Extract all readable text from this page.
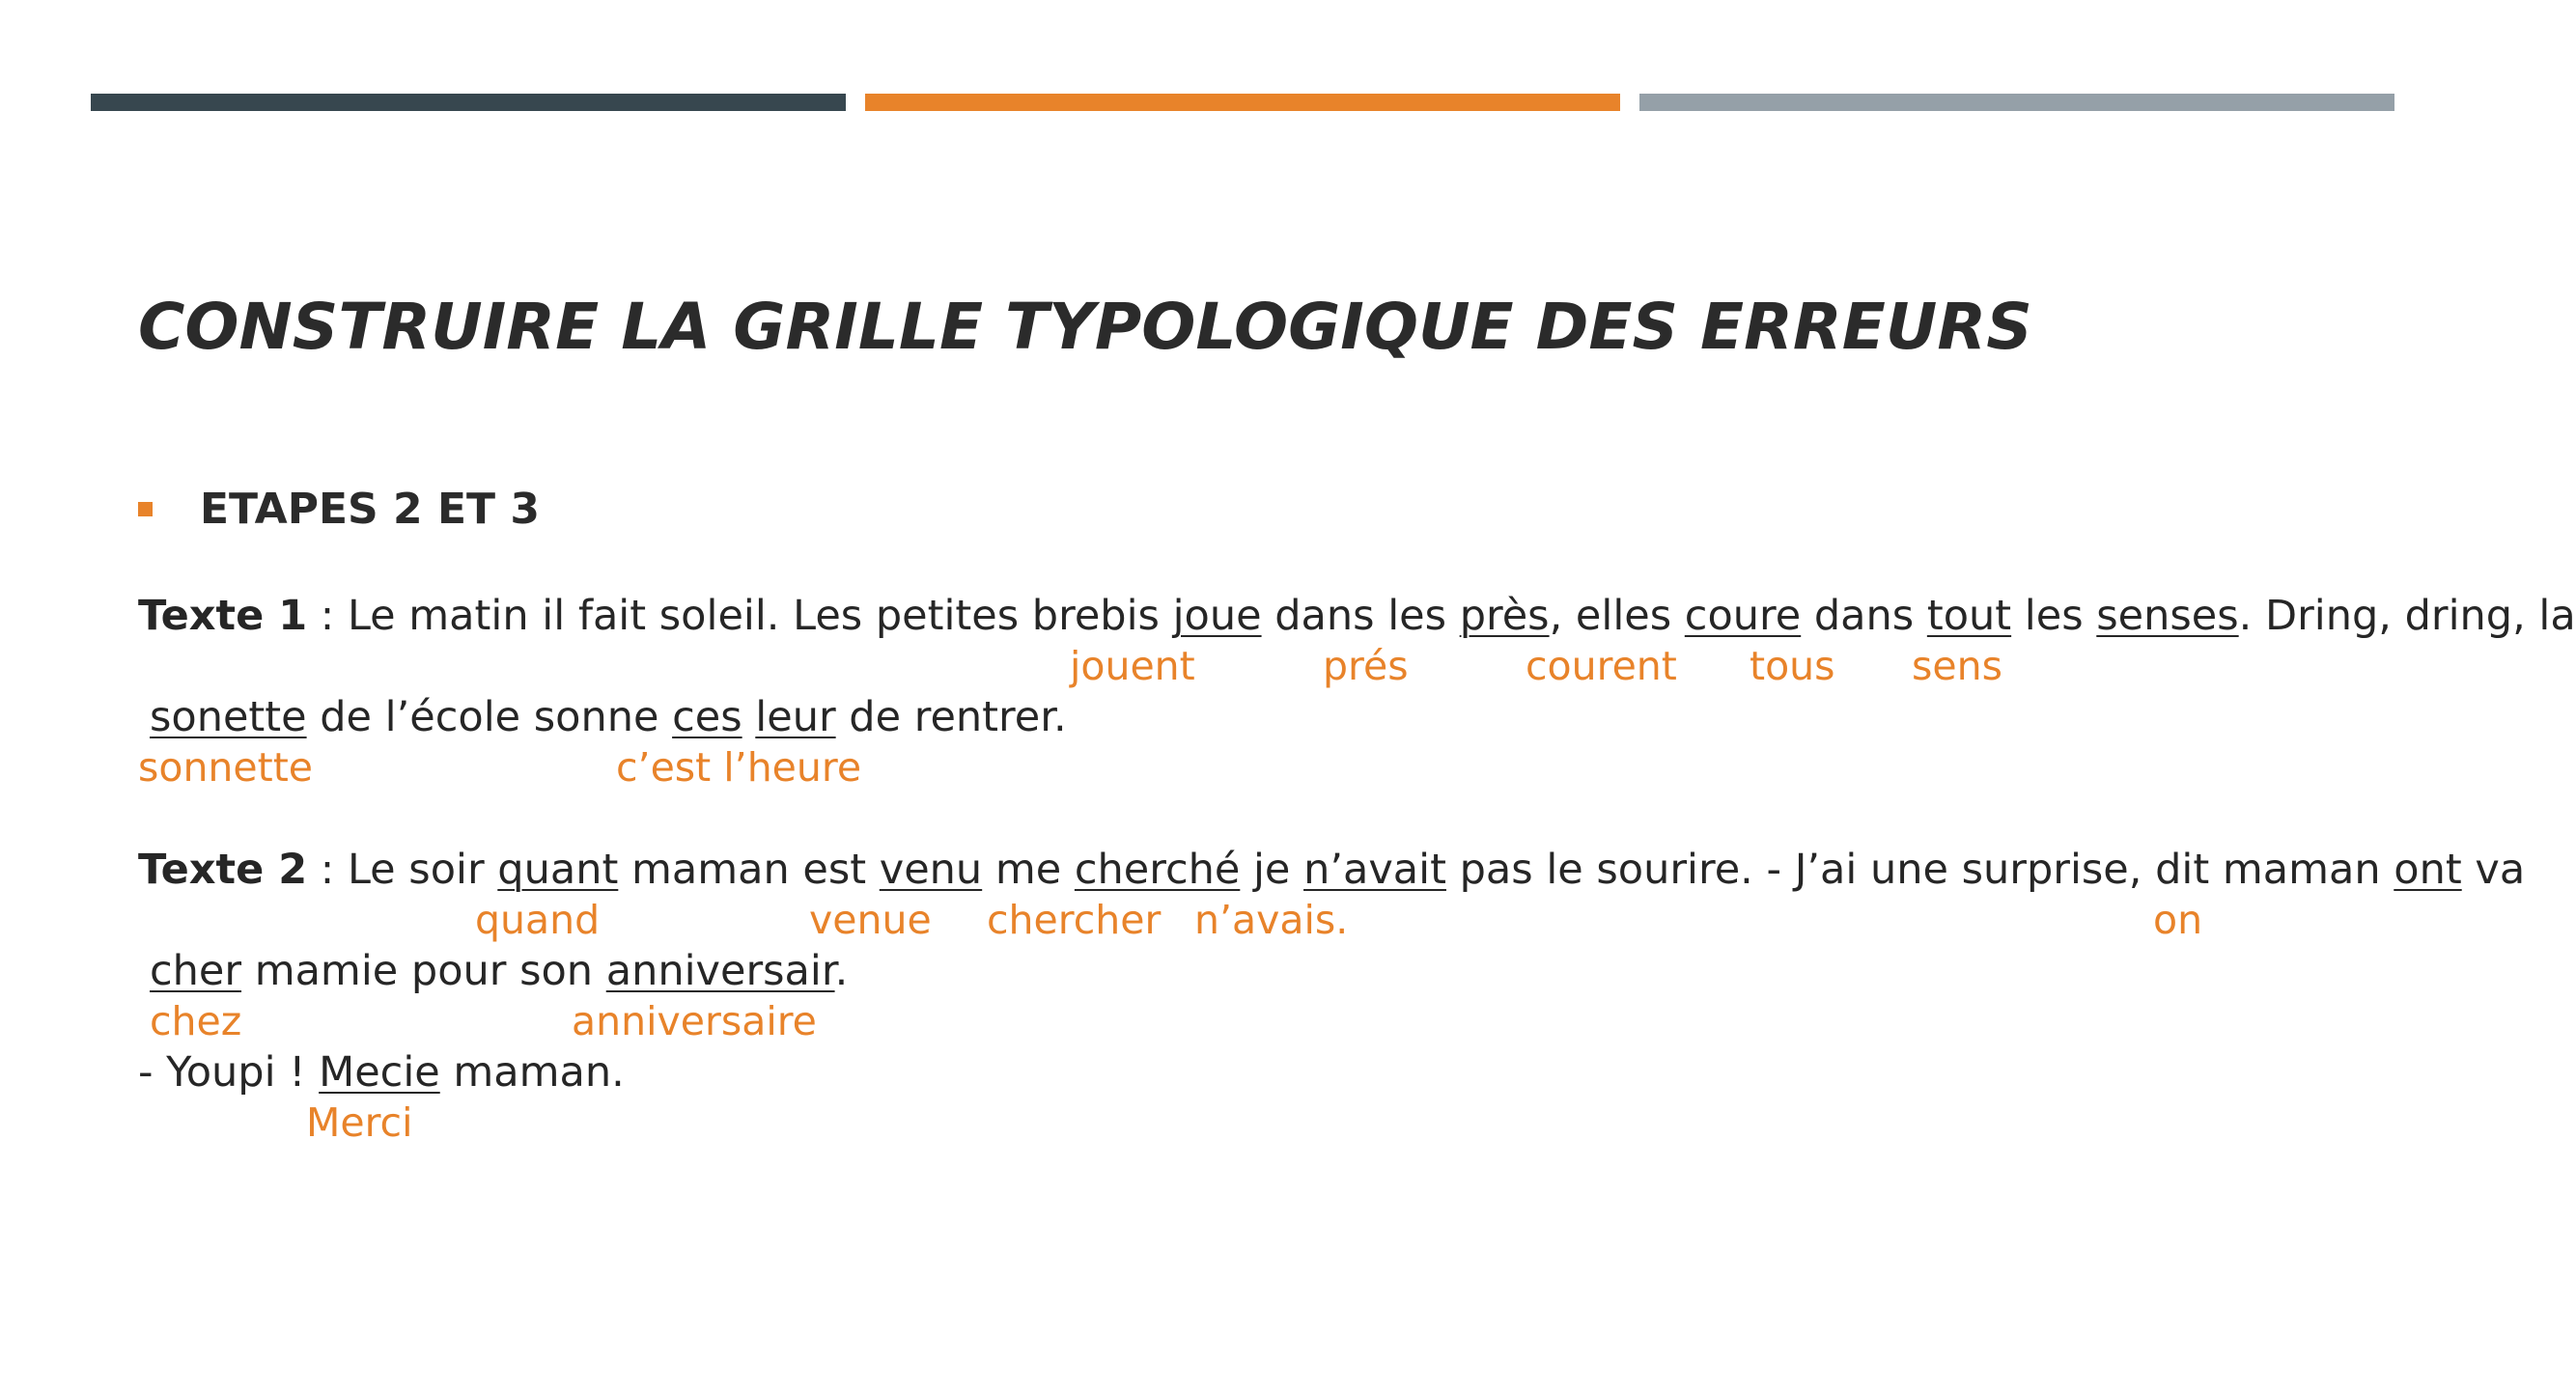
CONSTRUIRE LA GRILLE TYPOLOGIQUE DES ERREURS
ETAPES 2 ET 3
Texte 1 : Le matin il fait soleil. Les petites brebis joue dans les près, elles coure dans tout les senses. Dring, dring, la
jouent	prés	courent tous sens
sonette de l’école sonne ces leur de rentrer.
sonnette	c’est l’heure
Texte 2 : Le soir quant maman est venu me cherché je n’avait pas le sourire. - J’ai une surprise, dit maman ont va
quand	venue chercher n’avais.	on
cher mamie pour son anniversair.
chez	anniversaire
- Youpi ! Mecie maman.
Merci
